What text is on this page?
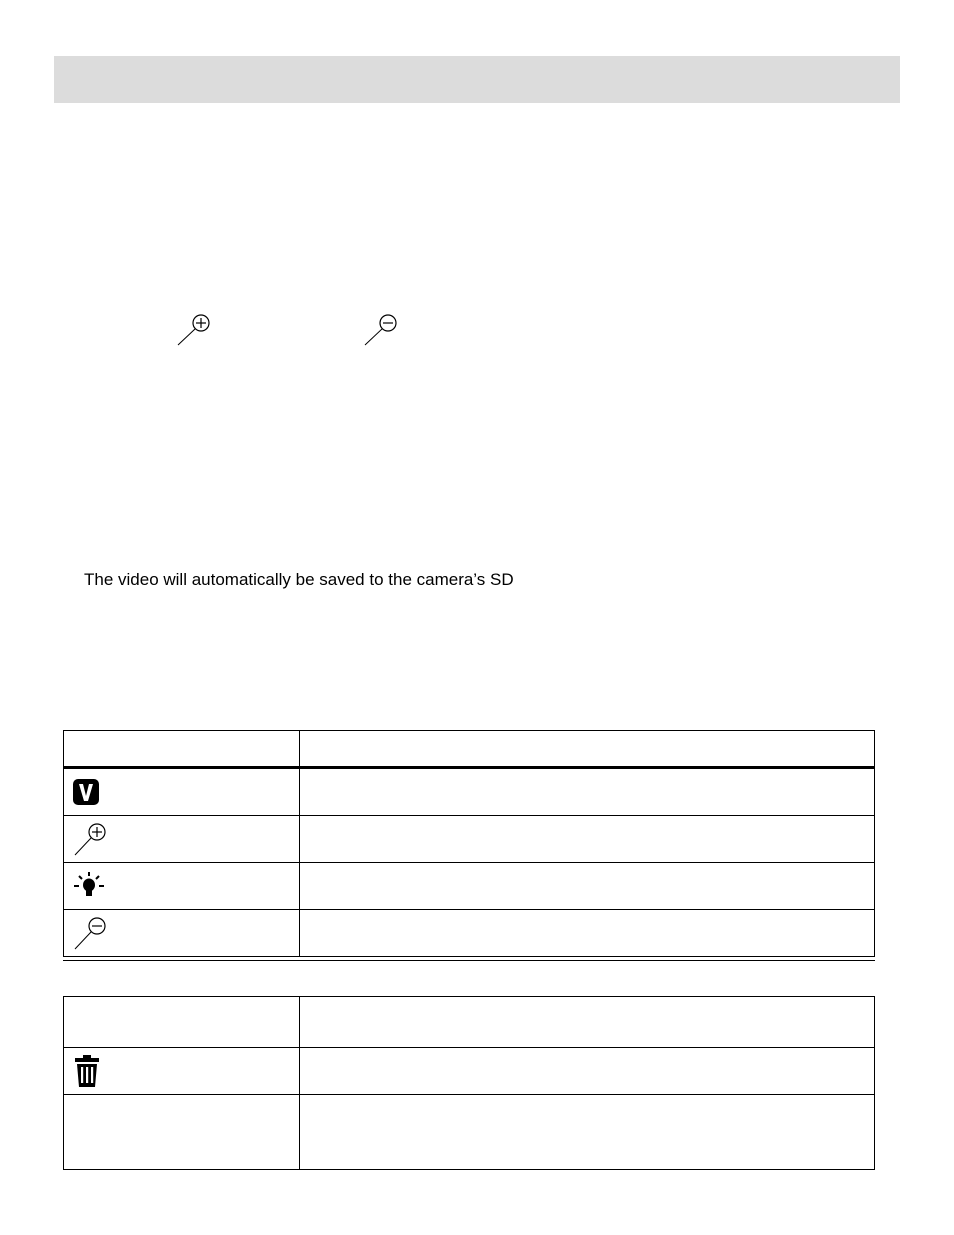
The video will automatically be saved to the camera’s SD
